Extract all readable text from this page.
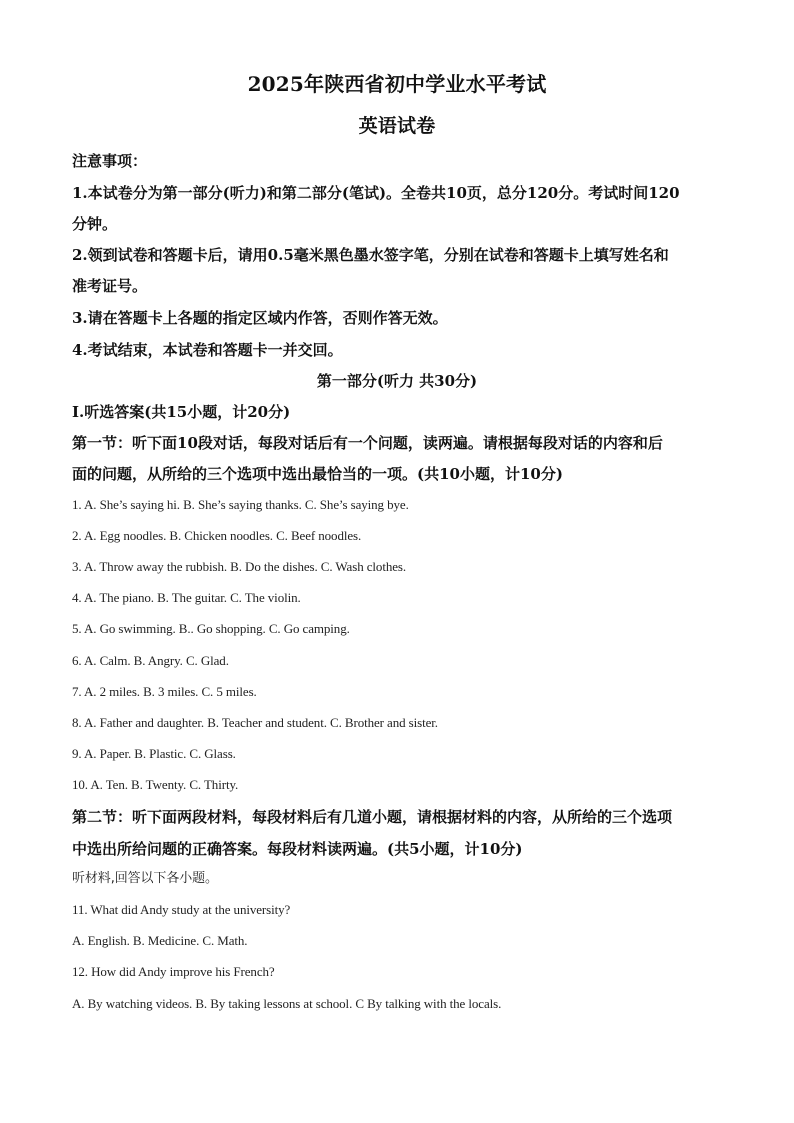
2025年陕西省初中学业水平考试
英语试卷
注意事项：
1.本试卷分为第一部分(听力)和第二部分(笔试)。全卷共10页，总分120分。考试时间120
分钟。
2.领到试卷和答题卡后，请用0.5毫米黑色墨水签字笔，分别在试卷和答题卡上填写姓名和
准考证号。
3.请在答题卡上各题的指定区域内作答，否则作答无效。
4.考试结束，本试卷和答题卡一并交回。
第一部分(听力 共30分)
Ⅰ.听选答案(共15小题，计20分)
第一节：听下面10段对话，每段对话后有一个问题，读两遍。请根据每段对话的内容和后
面的问题，从所给的三个选项中选出最恰当的一项。(共10小题，计10分)
1. A. She’s saying hi. B. She’s saying thanks. C. She’s saying bye.
2. A. Egg noodles. B. Chicken noodles. C. Beef noodles.
3. A. Throw away the rubbish. B. Do the dishes. C. Wash clothes.
4. A. The piano. B. The guitar. C. The violin.
5. A. Go swimming. B.. Go shopping. C. Go camping.
6. A. Calm. B. Angry. C. Glad.
7. A. 2 miles. B. 3 miles. C. 5 miles.
8. A. Father and daughter. B. Teacher and student. C. Brother and sister.
9. A. Paper. B. Plastic. C. Glass.
10. A. Ten. B. Twenty. C. Thirty.
第二节：听下面两段材料，每段材料后有几道小题，请根据材料的内容，从所给的三个选项
中选出所给问题的正确答案。每段材料读两遍。(共5小题，计10分)
听材料,回答以下各小题。
11. What did Andy study at the university?
A. English. B. Medicine. C. Math.
12. How did Andy improve his French?
A. By watching videos. B. By taking lessons at school. C By talking with the locals.
